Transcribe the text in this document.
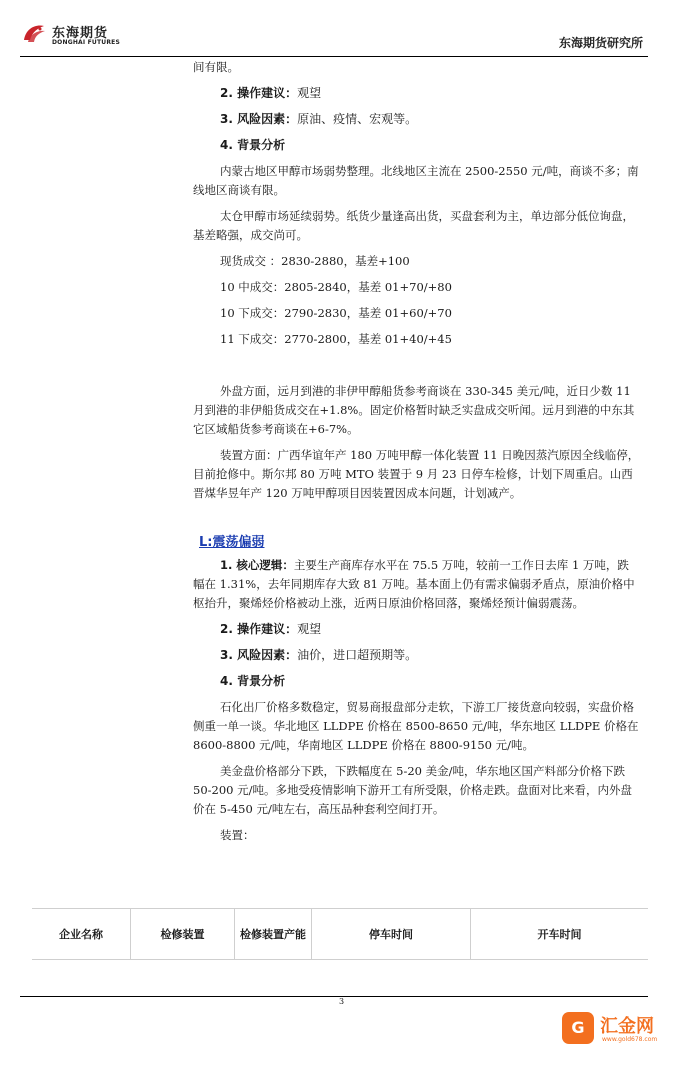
东海期货
DONGHAI FUTURES	东海期货研究所

间有限。

2. 操作建议：观望

3. 风险因素：原油、疫情、宏观等。

4. 背景分析

内蒙古地区甲醇市场弱势整理。北线地区主流在 2500-2550 元/吨，商谈不多；南线地区商谈有限。

太仓甲醇市场延续弱势。纸货少量逢高出货，买盘套利为主，单边部分低位询盘，基差略强，成交尚可。

现货成交 ：2830-2880，基差+100

10 中成交：2805-2840，基差 01+70/+80

10 下成交：2790-2830，基差 01+60/+70

11 下成交：2770-2800，基差 01+40/+45

外盘方面，远月到港的非伊甲醇船货参考商谈在 330-345 美元/吨，近日少数 11 月到港的非伊船货成交在+1.8%。固定价格暂时缺乏实盘成交听闻。远月到港的中东其它区域船货参考商谈在+6-7%。

装置方面：广西华谊年产 180 万吨甲醇一体化装置 11 日晚因蒸汽原因全线临停，目前抢修中。斯尔邦 80 万吨 MTO 装置于 9 月 23 日停车检修，计划下周重启。山西晋煤华昱年产 120 万吨甲醇项目因装置因成本问题，计划减产。

L:震荡偏弱

1. 核心逻辑：主要生产商库存水平在 75.5 万吨，较前一工作日去库 1 万吨，跌幅在 1.31%，去年同期库存大致 81 万吨。基本面上仍有需求偏弱矛盾点，原油价格中枢抬升，聚烯烃价格被动上涨，近两日原油价格回落，聚烯烃预计偏弱震荡。

2. 操作建议：观望

3. 风险因素：油价，进口超预期等。

4. 背景分析

石化出厂价格多数稳定，贸易商报盘部分走软，下游工厂接货意向较弱，实盘价格侧重一单一谈。华北地区 LLDPE 价格在 8500-8650 元/吨，华东地区 LLDPE 价格在 8600-8800 元/吨，华南地区 LLDPE 价格在 8800-9150 元/吨。

美金盘价格部分下跌，下跌幅度在 5-20 美金/吨，华东地区国产料部分价格下跌 50-200 元/吨。多地受疫情影响下游开工有所受限，价格走跌。盘面对比来看，内外盘价在 5-450 元/吨左右，高压品种套利空间打开。

装置：

企业名称	检修装置	检修装置产能	停车时间	开车时间
3
G 汇金网
www.gold678.com
